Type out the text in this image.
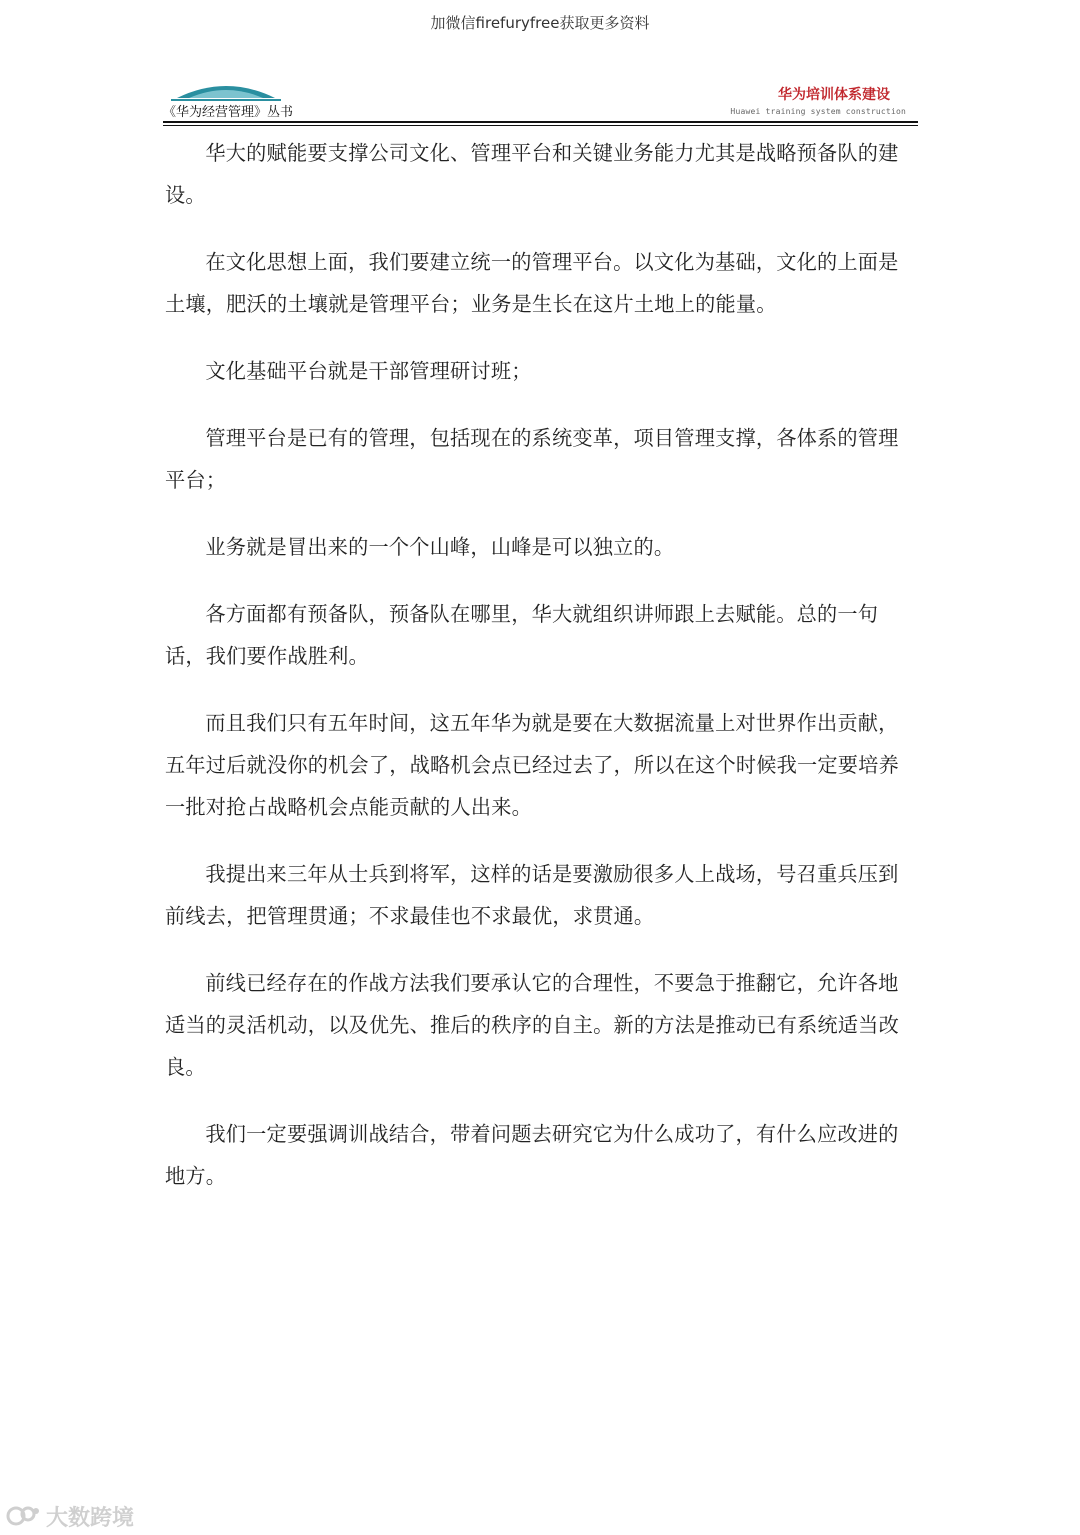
加微信firefuryfree获取更多资料
《华为经营管理》丛书
华为培训体系建设
Huawei training system construction

华大的赋能要支撑公司文化、管理平台和关键业务能力尤其是战略预备队的建设。

在文化思想上面，我们要建立统一的管理平台。以文化为基础，文化的上面是土壤，肥沃的土壤就是管理平台；业务是生长在这片土地上的能量。

文化基础平台就是干部管理研讨班；

管理平台是已有的管理，包括现在的系统变革，项目管理支撑，各体系的管理平台；

业务就是冒出来的一个个山峰，山峰是可以独立的。

各方面都有预备队，预备队在哪里，华大就组织讲师跟上去赋能。总的一句话，我们要作战胜利。

而且我们只有五年时间，这五年华为就是要在大数据流量上对世界作出贡献，五年过后就没你的机会了，战略机会点已经过去了，所以在这个时候我一定要培养一批对抢占战略机会点能贡献的人出来。

我提出来三年从士兵到将军，这样的话是要激励很多人上战场，号召重兵压到前线去，把管理贯通；不求最佳也不求最优，求贯通。

前线已经存在的作战方法我们要承认它的合理性，不要急于推翻它，允许各地适当的灵活机动，以及优先、推后的秩序的自主。新的方法是推动已有系统适当改良。

我们一定要强调训战结合，带着问题去研究它为什么成功了，有什么应改进的地方。

大数跨境
